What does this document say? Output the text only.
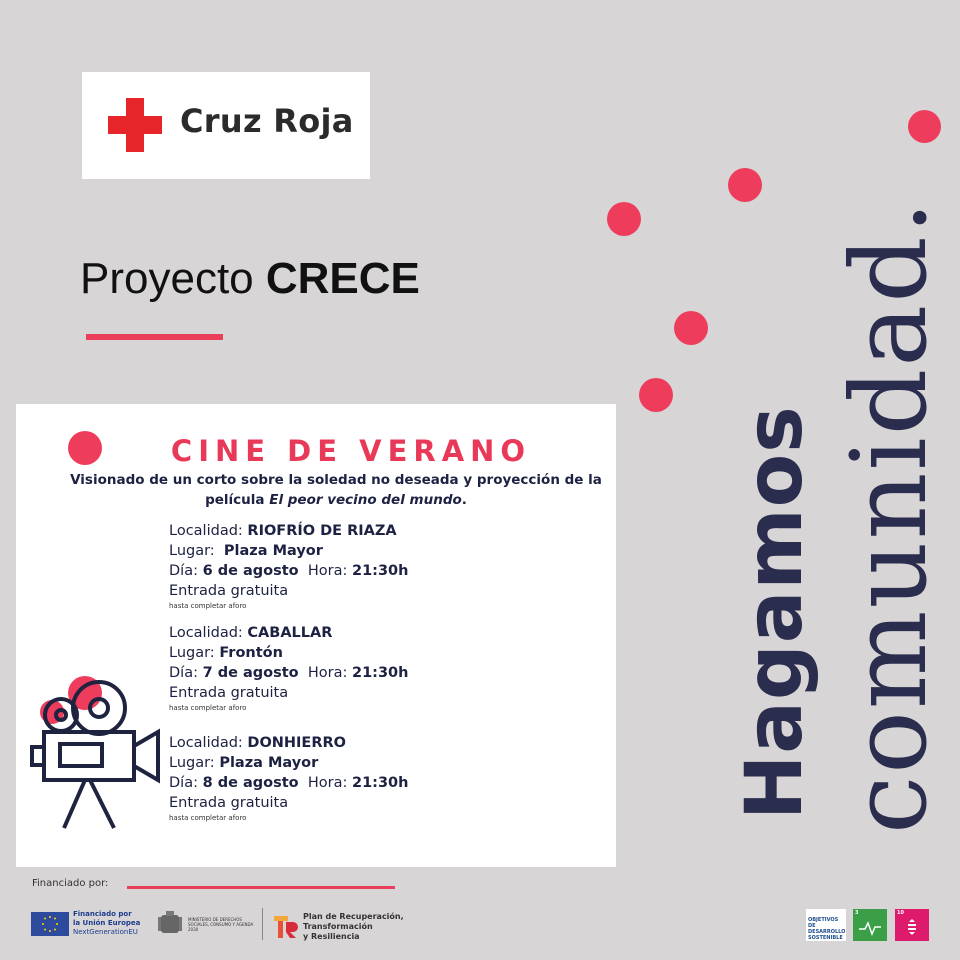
Cruz Roja
Proyecto CRECE
Hagamos comunidad.
CINE DE VERANO
Visionado de un corto sobre la soledad no deseada y proyección de la película El peor vecino del mundo.
Localidad: RIOFRÍO DE RIAZA
Lugar: Plaza Mayor
Día: 6 de agosto Hora: 21:30h
Entrada gratuita
hasta completar aforo
Localidad: CABALLAR
Lugar: Frontón
Día: 7 de agosto Hora: 21:30h
Entrada gratuita
hasta completar aforo
Localidad: DONHIERRO
Lugar: Plaza Mayor
Día: 8 de agosto Hora: 21:30h
Entrada gratuita
hasta completar aforo
Financiado por:
Financiado por
la Unión Europea
NextGenerationEU
MINISTERIO DE DERECHOS SOCIALES, CONSUMO Y AGENDA 2030
Plan de Recuperación,
Transformación
y Resiliencia
OBJETIVOS DE DESARROLLO SOSTENIBLE
3	10
